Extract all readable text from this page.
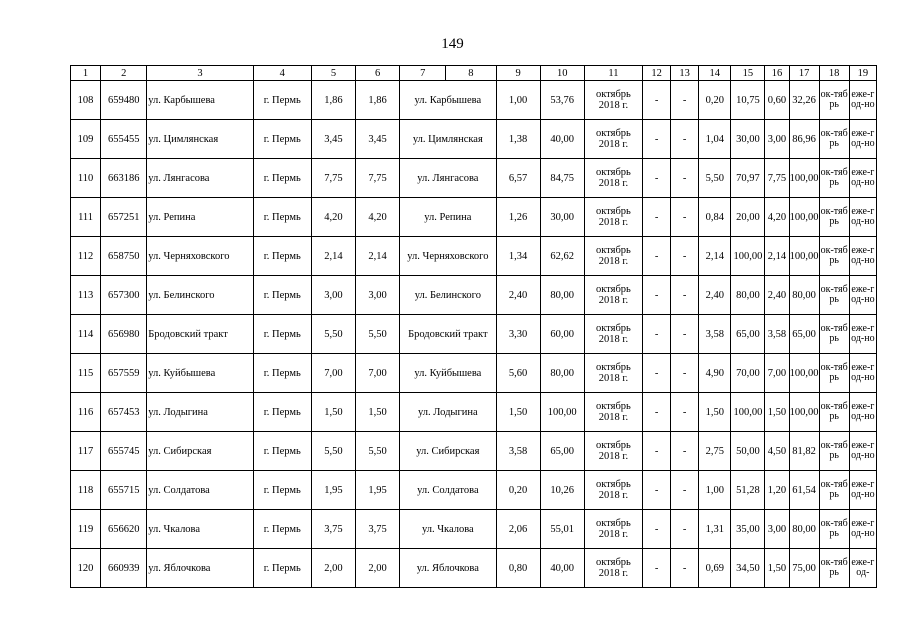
149
1	2	3	4	5	6	7	8	9	10	11	12	13	14	15	16	17	18	19
108	659480	ул. Карбышева	г. Пермь	1,86	1,86	ул. Карбышева		1,00	53,76	октябрь 2018 г.	-	-	0,20	10,75	0,60	32,26	ок-тябрь	еже-год-но
109	655455	ул. Цимлянская	г. Пермь	3,45	3,45	ул. Цимлянская		1,38	40,00	октябрь 2018 г.	-	-	1,04	30,00	3,00	86,96	ок-тябрь	еже-год-но
110	663186	ул. Лянгасова	г. Пермь	7,75	7,75	ул. Лянгасова		6,57	84,75	октябрь 2018 г.	-	-	5,50	70,97	7,75	100,00	ок-тябрь	еже-год-но
111	657251	ул. Репина	г. Пермь	4,20	4,20	ул. Репина		1,26	30,00	октябрь 2018 г.	-	-	0,84	20,00	4,20	100,00	ок-тябрь	еже-год-но
112	658750	ул. Черняховского	г. Пермь	2,14	2,14	ул. Черняховского		1,34	62,62	октябрь 2018 г.	-	-	2,14	100,00	2,14	100,00	ок-тябрь	еже-год-но
113	657300	ул. Белинского	г. Пермь	3,00	3,00	ул. Белинского		2,40	80,00	октябрь 2018 г.	-	-	2,40	80,00	2,40	80,00	ок-тябрь	еже-год-но
114	656980	Бродовский тракт	г. Пермь	5,50	5,50	Бродовский тракт		3,30	60,00	октябрь 2018 г.	-	-	3,58	65,00	3,58	65,00	ок-тябрь	еже-год-но
115	657559	ул. Куйбышева	г. Пермь	7,00	7,00	ул. Куйбышева		5,60	80,00	октябрь 2018 г.	-	-	4,90	70,00	7,00	100,00	ок-тябрь	еже-год-но
116	657453	ул. Лодыгина	г. Пермь	1,50	1,50	ул. Лодыгина		1,50	100,00	октябрь 2018 г.	-	-	1,50	100,00	1,50	100,00	ок-тябрь	еже-год-но
117	655745	ул. Сибирская	г. Пермь	5,50	5,50	ул. Сибирская		3,58	65,00	октябрь 2018 г.	-	-	2,75	50,00	4,50	81,82	ок-тябрь	еже-год-но
118	655715	ул. Солдатова	г. Пермь	1,95	1,95	ул. Солдатова		0,20	10,26	октябрь 2018 г.	-	-	1,00	51,28	1,20	61,54	ок-тябрь	еже-год-но
119	656620	ул. Чкалова	г. Пермь	3,75	3,75	ул. Чкалова		2,06	55,01	октябрь 2018 г.	-	-	1,31	35,00	3,00	80,00	ок-тябрь	еже-год-но
120	660939	ул. Яблочкова	г. Пермь	2,00	2,00	ул. Яблочкова		0,80	40,00	октябрь 2018 г.	-	-	0,69	34,50	1,50	75,00	ок-тябрь	еже-год-
